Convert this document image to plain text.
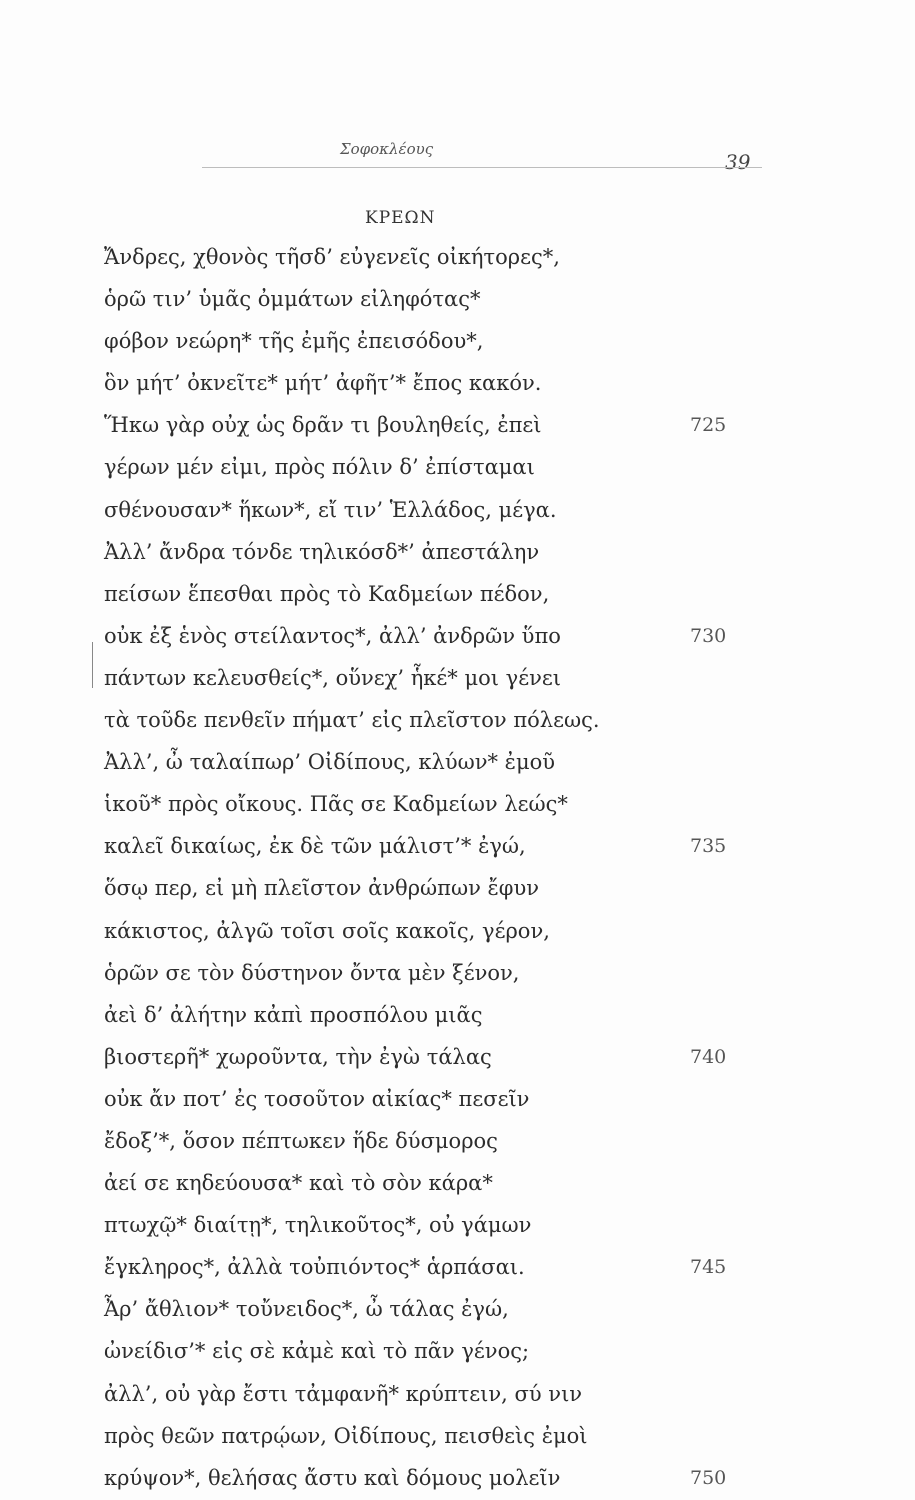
Σοφοκλέους
39
ΚΡΕΩΝ
Ἄνδρες, χθονὸς τῆσδ’ εὐγενεῖς οἰκήτορες*,
ὁρῶ τιν’ ὑμᾶς ὀμμάτων εἰληφότας*
φόβον νεώρη* τῆς ἐμῆς ἐπεισόδου*,
ὃν μήτ’ ὀκνεῖτε* μήτ’ ἀφῆτ’* ἔπος κακόν.
Ἥκω γὰρ οὐχ ὡς δρᾶν τι βουληθείς, ἐπεὶ	725
γέρων μέν εἰμι, πρὸς πόλιν δ’ ἐπίσταμαι
σθένουσαν* ἥκων*, εἴ τιν’ Ἑλλάδος, μέγα.
Ἀλλ’ ἄνδρα τόνδε τηλικόσδ*’ ἀπεστάλην
πείσων ἕπεσθαι πρὸς τὸ Καδμείων πέδον,
οὐκ ἐξ ἑνὸς στείλαντος*, ἀλλ’ ἀνδρῶν ὕπο	730
πάντων κελευσθείς*, οὕνεχ’ ἧκέ* μοι γένει
τὰ τοῦδε πενθεῖν πήματ’ εἰς πλεῖστον πόλεως.
Ἀλλ’, ὦ ταλαίπωρ’ Οἰδίπους, κλύων* ἐμοῦ
ἱκοῦ* πρὸς οἴκους. Πᾶς σε Καδμείων λεώς*
καλεῖ δικαίως, ἐκ δὲ τῶν μάλιστ’* ἐγώ,	735
ὅσῳ περ, εἰ μὴ πλεῖστον ἀνθρώπων ἔφυν
κάκιστος, ἀλγῶ τοῖσι σοῖς κακοῖς, γέρον,
ὁρῶν σε τὸν δύστηνον ὄντα μὲν ξένον,
ἀεὶ δ’ ἀλήτην κἀπὶ προσπόλου μιᾶς
βιοστερῆ* χωροῦντα, τὴν ἐγὼ τάλας	740
οὐκ ἄν ποτ’ ἐς τοσοῦτον αἰκίας* πεσεῖν
ἔδοξ’*, ὅσον πέπτωκεν ἥδε δύσμορος
ἀεί σε κηδεύουσα* καὶ τὸ σὸν κάρα*
πτωχῷ* διαίτῃ*, τηλικοῦτος*, οὐ γάμων
ἔγκληρος*, ἀλλὰ τοὐπιόντος* ἁρπάσαι.	745
Ἆρ’ ἄθλιον* τοὔνειδος*, ὦ τάλας ἐγώ,
ὠνείδισ’* εἰς σὲ κἀμὲ καὶ τὸ πᾶν γένος;
ἀλλ’, οὐ γὰρ ἔστι τἀμφανῆ* κρύπτειν, σύ νιν
πρὸς θεῶν πατρῴων, Οἰδίπους, πεισθεὶς ἐμοὶ
κρύψον*, θελήσας ἄστυ καὶ δόμους μολεῖν	750
